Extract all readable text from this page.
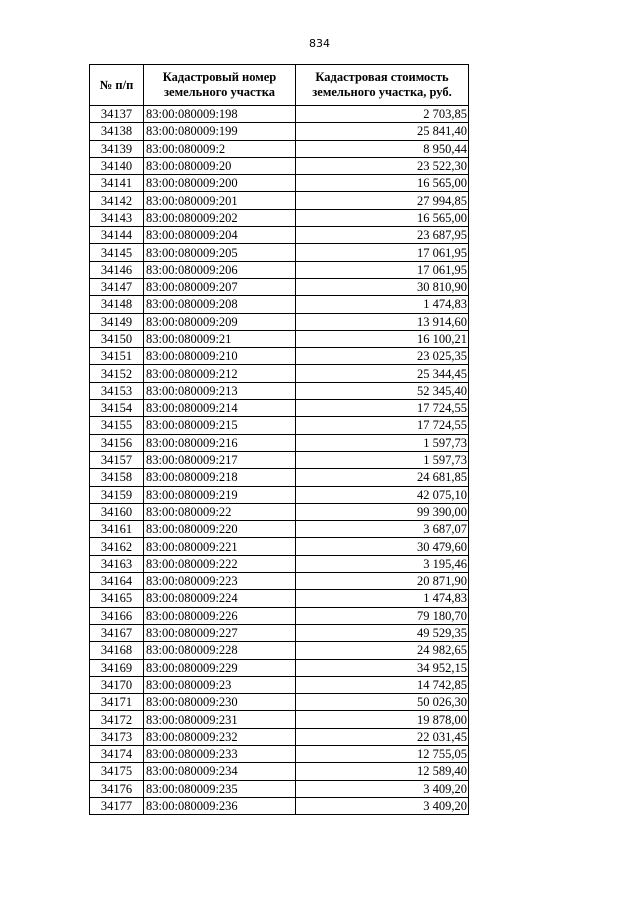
834
№ п/п	Кадастровый номер земельного участка	Кадастровая стоимость земельного участка, руб.
34137	83:00:080009:198	2 703,85
34138	83:00:080009:199	25 841,40
34139	83:00:080009:2	8 950,44
34140	83:00:080009:20	23 522,30
34141	83:00:080009:200	16 565,00
34142	83:00:080009:201	27 994,85
34143	83:00:080009:202	16 565,00
34144	83:00:080009:204	23 687,95
34145	83:00:080009:205	17 061,95
34146	83:00:080009:206	17 061,95
34147	83:00:080009:207	30 810,90
34148	83:00:080009:208	1 474,83
34149	83:00:080009:209	13 914,60
34150	83:00:080009:21	16 100,21
34151	83:00:080009:210	23 025,35
34152	83:00:080009:212	25 344,45
34153	83:00:080009:213	52 345,40
34154	83:00:080009:214	17 724,55
34155	83:00:080009:215	17 724,55
34156	83:00:080009:216	1 597,73
34157	83:00:080009:217	1 597,73
34158	83:00:080009:218	24 681,85
34159	83:00:080009:219	42 075,10
34160	83:00:080009:22	99 390,00
34161	83:00:080009:220	3 687,07
34162	83:00:080009:221	30 479,60
34163	83:00:080009:222	3 195,46
34164	83:00:080009:223	20 871,90
34165	83:00:080009:224	1 474,83
34166	83:00:080009:226	79 180,70
34167	83:00:080009:227	49 529,35
34168	83:00:080009:228	24 982,65
34169	83:00:080009:229	34 952,15
34170	83:00:080009:23	14 742,85
34171	83:00:080009:230	50 026,30
34172	83:00:080009:231	19 878,00
34173	83:00:080009:232	22 031,45
34174	83:00:080009:233	12 755,05
34175	83:00:080009:234	12 589,40
34176	83:00:080009:235	3 409,20
34177	83:00:080009:236	3 409,20
